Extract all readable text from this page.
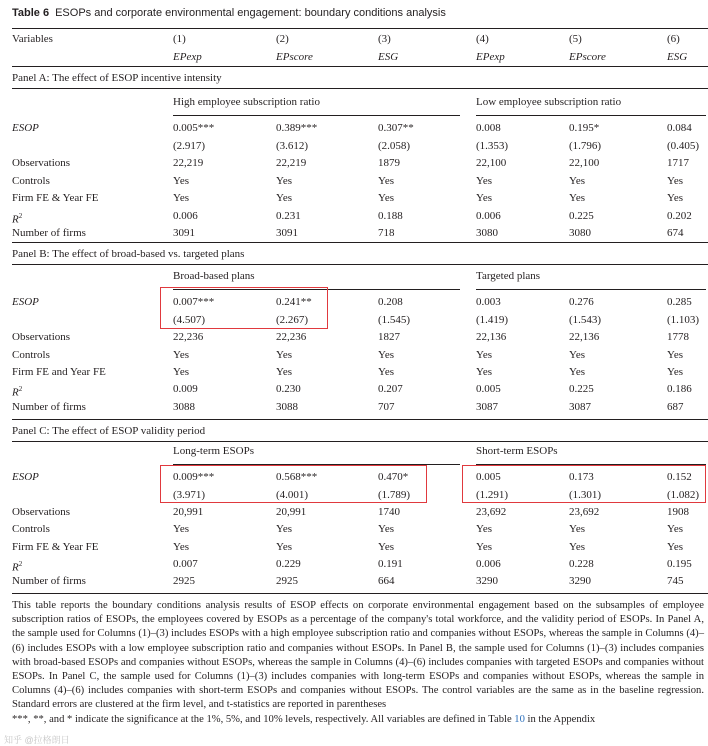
Table 6 ESOPs and corporate environmental engagement: boundary conditions analysis
Variables	(1)	(2)	(3)	(4)	(5)	(6)
EPexp	EPscore	ESG	EPexp	EPscore	ESG
Panel A: The effect of ESOP incentive intensity
High employee subscription ratio	Low employee subscription ratio
ESOP	0.005***	0.389***	0.307**	0.008	0.195*	0.084
(2.917)	(3.612)	(2.058)	(1.353)	(1.796)	(0.405)
Observations	22,219	22,219	1879	22,100	22,100	1717
Controls	Yes	Yes	Yes	Yes	Yes	Yes
Firm FE & Year FE	Yes	Yes	Yes	Yes	Yes	Yes
$R^2$	0.006	0.231	0.188	0.006	0.225	0.202
Number of firms	3091	3091	718	3080	3080	674
Panel B: The effect of broad-based vs. targeted plans
Broad-based plans	Targeted plans
ESOP	0.007***	0.241**	0.208	0.003	0.276	0.285
(4.507)	(2.267)	(1.545)	(1.419)	(1.543)	(1.103)
Observations	22,236	22,236	1827	22,136	22,136	1778
Controls	Yes	Yes	Yes	Yes	Yes	Yes
Firm FE and Year FE	Yes	Yes	Yes	Yes	Yes	Yes
$R^2$	0.009	0.230	0.207	0.005	0.225	0.186
Number of firms	3088	3088	707	3087	3087	687
Panel C: The effect of ESOP validity period
Long-term ESOPs	Short-term ESOPs
ESOP	0.009***	0.568***	0.470*	0.005	0.173	0.152
(3.971)	(4.001)	(1.789)	(1.291)	(1.301)	(1.082)
Observations	20,991	20,991	1740	23,692	23,692	1908
Controls	Yes	Yes	Yes	Yes	Yes	Yes
Firm FE & Year FE	Yes	Yes	Yes	Yes	Yes	Yes
$R^2$	0.007	0.229	0.191	0.006	0.228	0.195
Number of firms	2925	2925	664	3290	3290	745

This table reports the boundary conditions analysis results of ESOP effects on corporate environmental engagement based on the subsamples of employee subscription ratios of ESOPs, the employees covered by ESOPs as a percentage of the company's total workforce, and the validity period of ESOPs. In Panel A, the sample used for Columns (1)–(3) includes ESOPs with a high employee subscription ratio and companies without ESOPs, whereas the sample in Columns (4)–(6) includes ESOPs with a low employee subscription ratio and companies without ESOPs. In Panel B, the sample used for Columns (1)–(3) includes companies with broad-based ESOPs and companies without ESOPs, whereas the sample in Columns (4)–(6) includes companies with targeted ESOPs and companies without ESOPs. In Panel C, the sample used for Columns (1)–(3) includes companies with long-term ESOPs and companies without ESOPs, whereas the sample in Columns (4)–(6) includes companies with short-term ESOPs and companies without ESOPs. The control variables are the same as in the baseline regression. Standard errors are clustered at the firm level, and t-statistics are reported in parentheses

***, **, and * indicate the significance at the 1%, 5%, and 10% levels, respectively. All variables are defined in Table 10 in the Appendix

知乎 @拉格朗日
